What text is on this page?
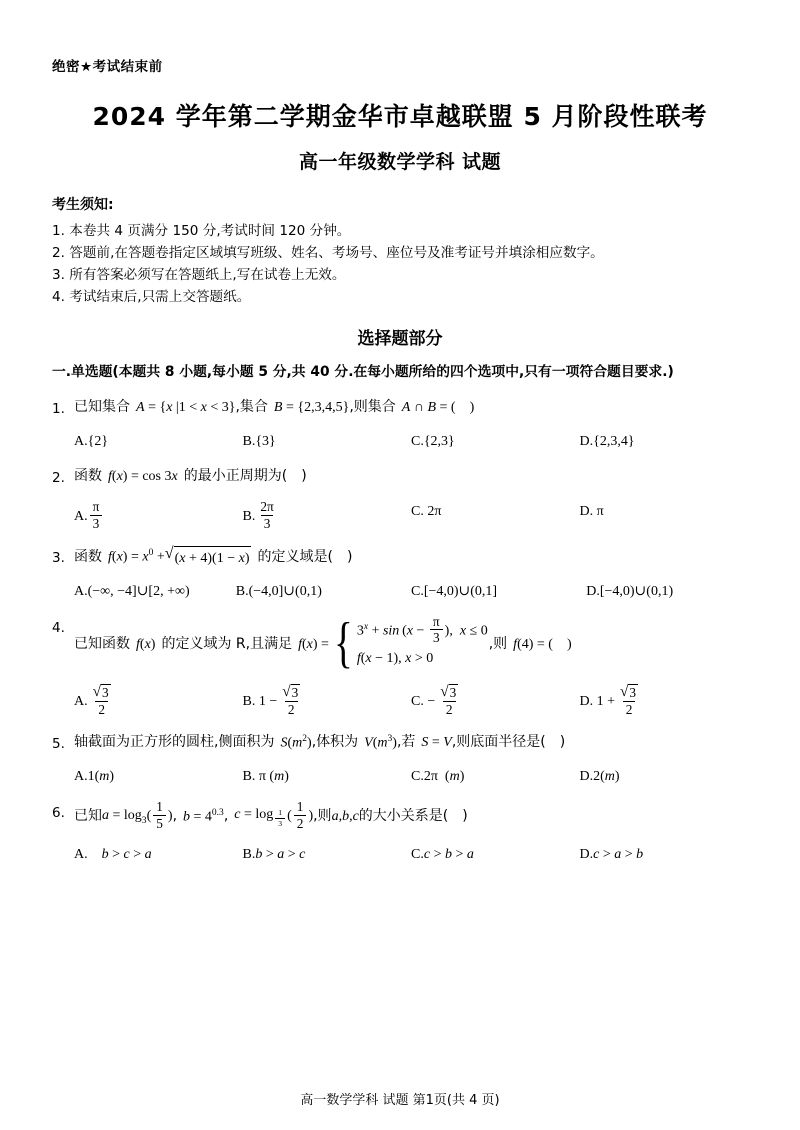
绝密★考试结束前
2024 学年第二学期金华市卓越联盟 5 月阶段性联考
高一年级数学学科 试题
考生须知:
1. 本卷共 4 页满分 150 分,考试时间 120 分钟。
2. 答题前,在答题卷指定区域填写班级、姓名、考场号、座位号及准考证号并填涂相应数字。
3. 所有答案必须写在答题纸上,写在试卷上无效。
4. 考试结束后,只需上交答题纸。
选择题部分
一.单选题(本题共 8 小题,每小题 5 分,共 40 分.在每小题所给的四个选项中,只有一项符合题目要求.)
1. 已知集合 A = {x |1 < x < 3} ,集合 B = {2,3,4,5} ,则集合 A ∩ B = ( )
A.{2}	B.{3}	C.{2,3}	D.{2,3,4}
2. 函数 f(x) = cos 3x 的最小正周期为( )
A. $\frac{\pi}{3}$	B. $\frac{2\pi}{3}$	C. 2π	D. π
3. 函数 $f(x) = x^0$ + √ (x + 4)(1 − x) 的定义域是( )
A.(−∞, −4]∪[2, +∞)	B.(−4,0]∪(0,1)	C.[−4,0)∪(0,1]	D.[−4,0)∪(0,1)
4.
已知函数 f(x) 的定义域为 R,且满足 f(x) = { $3^x + \sin (x - \frac{\pi}{3}$ ),  x ≤ 0
f(x − 1), x > 0
,则 f(4) = ( )
A. $\frac{√ 3}{2}$	B. $1 - \frac{√ 3}{2}$	C. − $\frac{√ 3}{2}$	D. $1 + \frac{√ 3}{2}$
5. 轴截面为正方形的圆柱,侧面积为 $S(m^2)$ ,体积为 $V(m^3)$ ,若 S = V ,则底面半径是( )
A.1(m)	B. π (m)	C.2π  (m)	D.2(m)
6. 已知 $a = \log_3$ ( $\frac{1}{5}$ ) , $b = 4^{0.3}$ , c = log $_{\frac{1}{3}}$ ( $\frac{1}{2}$ ) ,则 a,b,c 的大小关系是( )
A. b > c > a	B.b > a > c	C.c > b > a	D.c > a > b
高一数学学科 试题 第1页(共 4 页)
